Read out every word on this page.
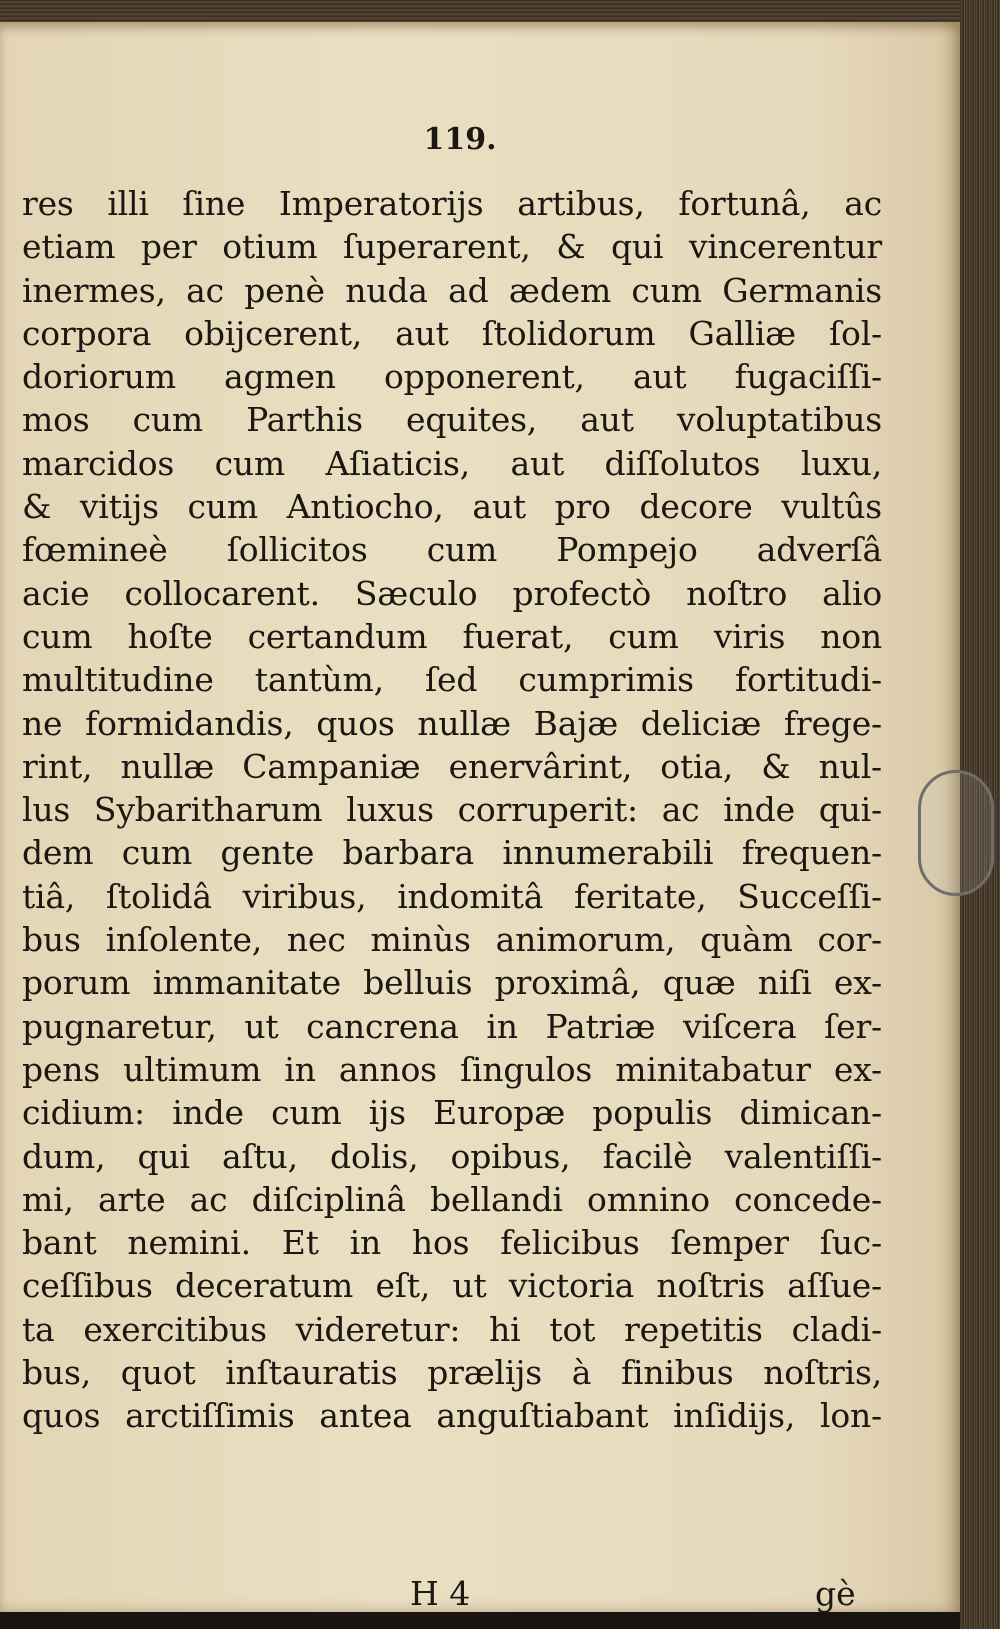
119.
res illi ſine Imperatorijs artibus, fortunâ, ac
etiam per otium ſuperarent, & qui vincerentur
inermes, ac penè nuda ad ædem cum Germanis
corpora obijcerent, aut ſtolidorum Galliæ ſol-
doriorum agmen opponerent, aut fugaciſſi-
mos cum Parthis equites, aut voluptatibus
marcidos cum Aſiaticis, aut diſſolutos luxu,
& vitijs cum Antiocho, aut pro decore vultûs
fœmineè ſollicitos cum Pompejo adverſâ
acie collocarent. Sæculo profectò noſtro alio
cum hoſte certandum fuerat, cum viris non
multitudine tantùm, ſed cumprimis fortitudi-
ne formidandis, quos nullæ Bajæ deliciæ fregе-
rint, nullæ Campaniæ enervârint, otia, & nul-
lus Sybaritharum luxus corruperit: ac inde qui-
dem cum gente barbara innumerabili frequen-
tiâ, ſtolidâ viribus, indomitâ feritate, Succeſſi-
bus inſolente, nec minùs animorum, quàm cor-
porum immanitate belluis proximâ, quæ niſi ex-
pugnaretur, ut cancrena in Patriæ viſcera ſer-
pens ultimum in annos ſingulos minitabatur ex-
cidium: inde cum ijs Europæ populis dimican-
dum, qui aſtu, dolis, opibus, facilè valentiſſi-
mi, arte ac diſciplinâ bellandi omnino concede-
bant nemini. Et in hos felicibus ſemper ſuc-
ceſſibus deceratum eſt, ut victoria noſtris aſſue-
ta exercitibus videretur: hi tot repetitis cladi-
bus, quot inſtauratis prælijs à finibus noſtris,
quos arctiſſimis antea anguſtiabant inſidijs, lon-
H 4	gè
